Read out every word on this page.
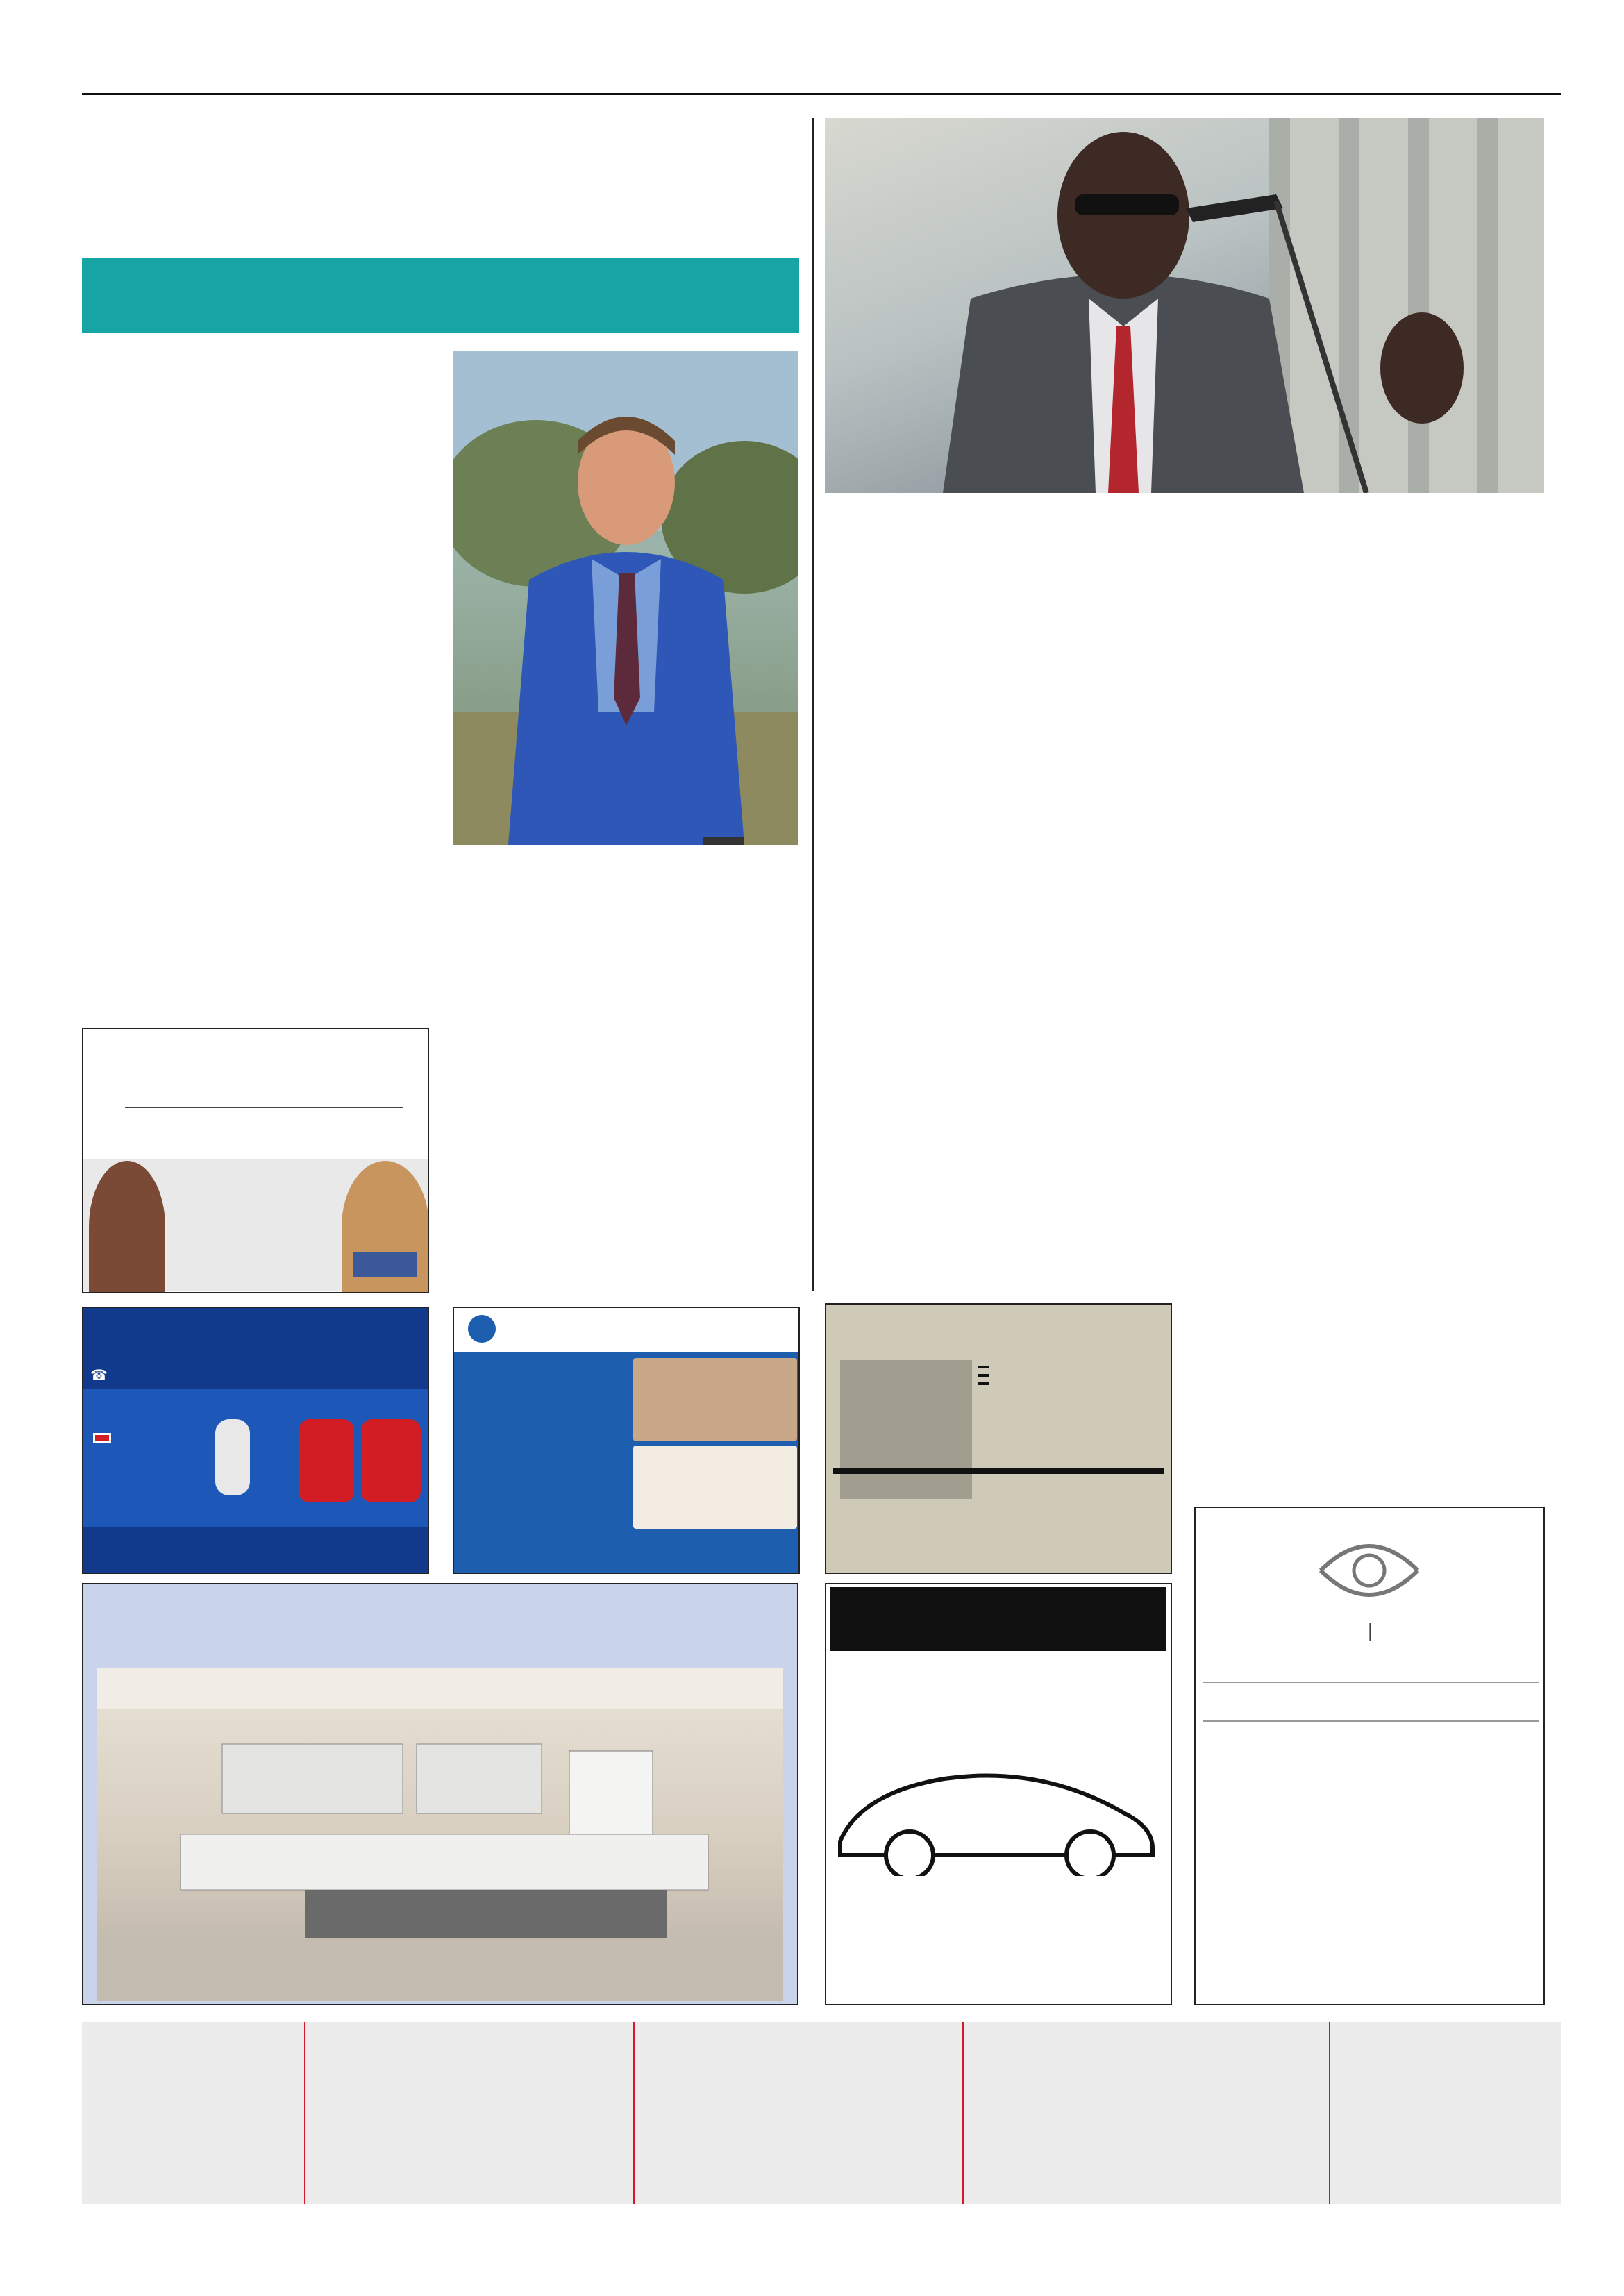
☎
|
